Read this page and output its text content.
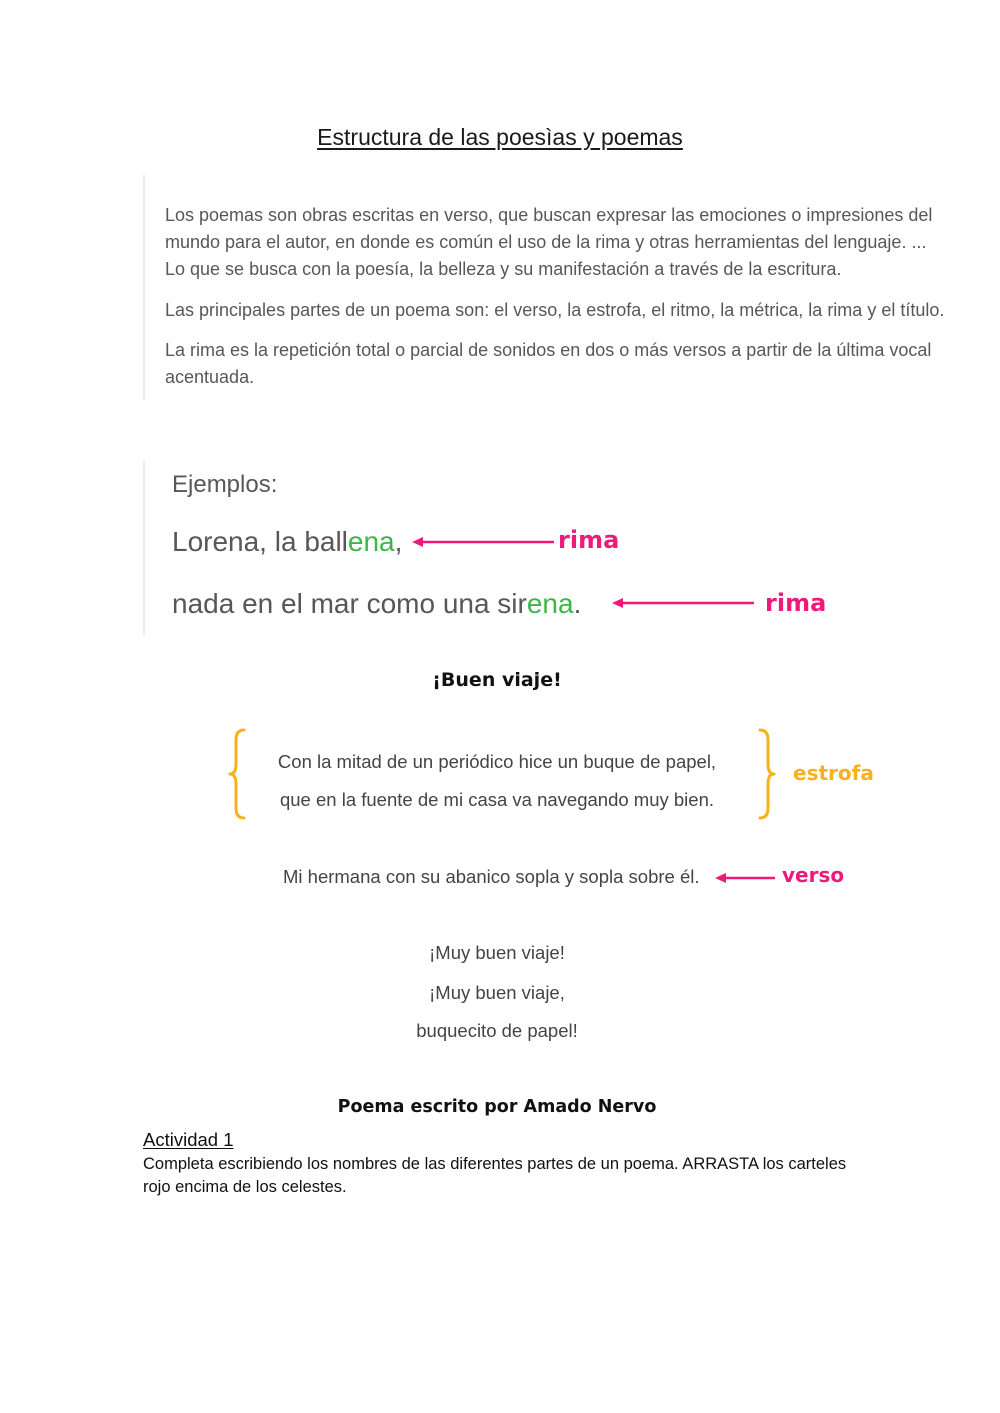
Estructura de las poesìas y poemas
Los poemas son obras escritas en verso, que buscan expresar las emociones o impresiones del
mundo para el autor, en donde es común el uso de la rima y otras herramientas del lenguaje. ...
Lo que se busca con la poesía, la belleza y su manifestación a través de la escritura.
Las principales partes de un poema son: el verso, la estrofa, el ritmo, la métrica, la rima y el título.
La rima es la repetición total o parcial de sonidos en dos o más versos a partir de la última vocal
acentuada.
Ejemplos:
Lorena, la ballena,	rima
nada en el mar como una sirena.	rima
¡Buen viaje!
Con la mitad de un periódico hice un buque de papel,
que en la fuente de mi casa va navegando muy bien.
estrofa
Mi hermana con su abanico sopla y sopla sobre él.	verso
¡Muy buen viaje!
¡Muy buen viaje,
buquecito de papel!
Poema escrito por Amado Nervo
Actividad 1
Completa escribiendo los nombres de las diferentes partes de un poema. ARRASTA los carteles
rojo encima de los celestes.
